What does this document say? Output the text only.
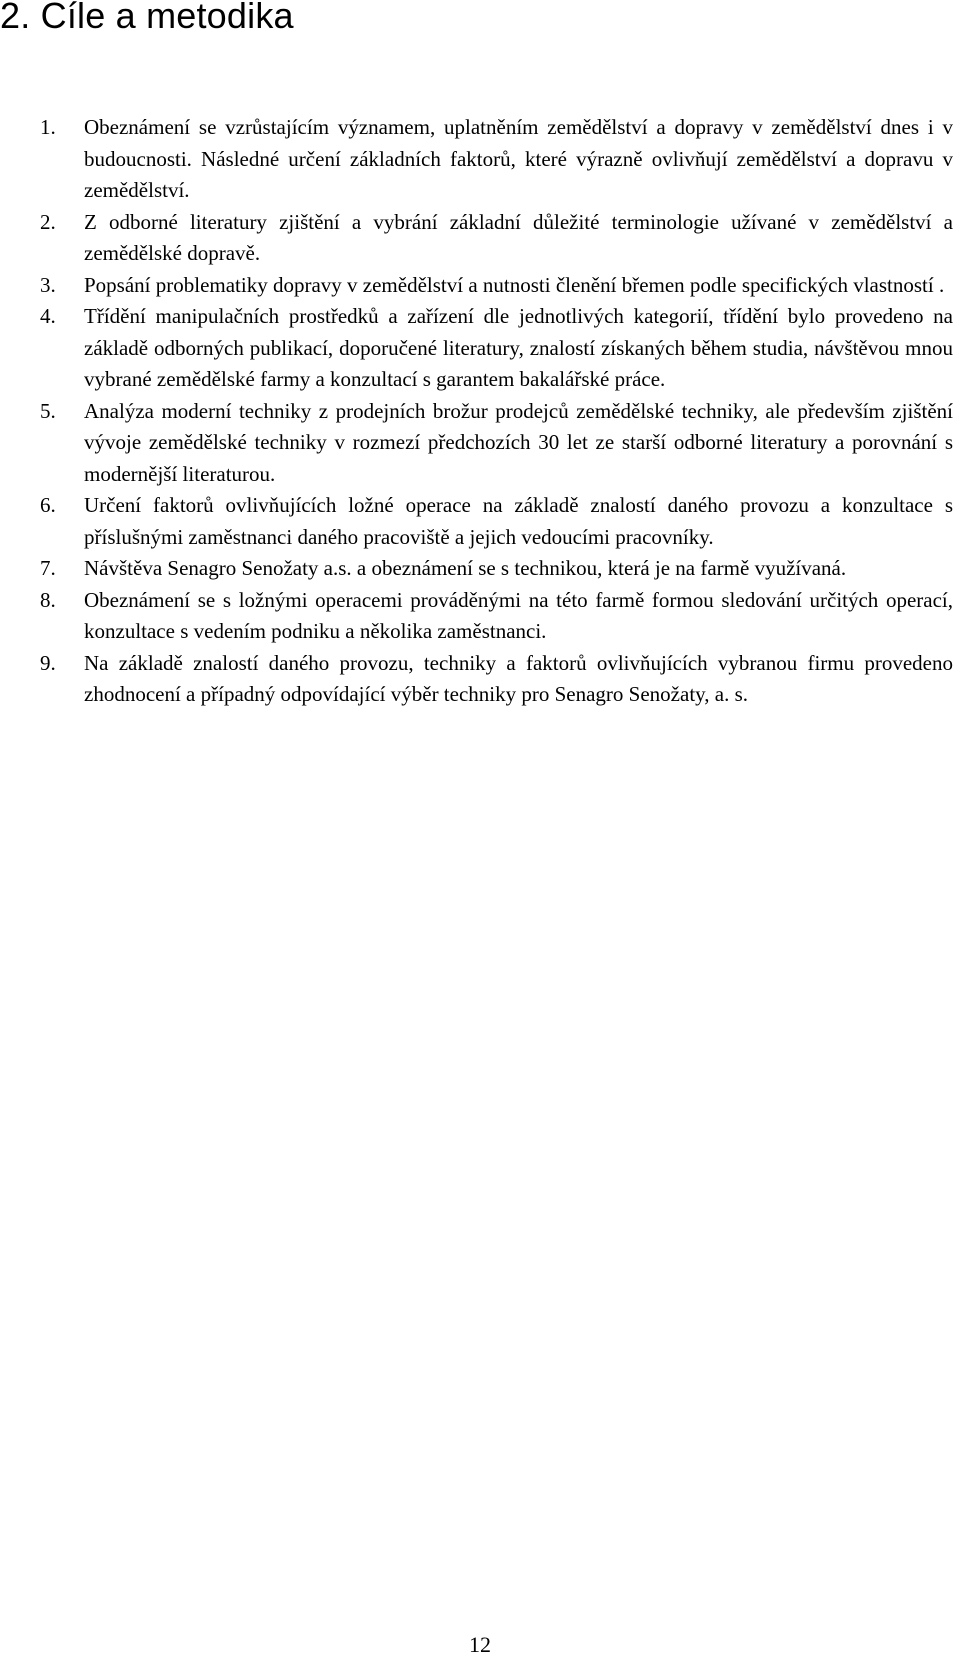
2. Cíle a metodika
1. Obeznámení se vzrůstajícím významem, uplatněním zemědělství a dopravy v zemědělství dnes i v budoucnosti. Následné určení základních faktorů, které výrazně ovlivňují zemědělství a dopravu v zemědělství.
2. Z odborné literatury zjištění a vybrání základní důležité terminologie užívané v zemědělství a zemědělské dopravě.
3. Popsání problematiky dopravy v zemědělství a nutnosti členění břemen podle specifických vlastností .
4. Třídění manipulačních prostředků a zařízení dle jednotlivých kategorií, třídění bylo provedeno na základě odborných publikací, doporučené literatury, znalostí získaných během studia, návštěvou mnou vybrané zemědělské farmy a konzultací s garantem bakalářské práce.
5. Analýza moderní techniky z prodejních brožur prodejců zemědělské techniky, ale především zjištění vývoje zemědělské techniky v rozmezí předchozích 30 let ze starší odborné literatury a porovnání s modernější literaturou.
6. Určení faktorů ovlivňujících ložné operace na základě znalostí daného provozu a konzultace s příslušnými zaměstnanci daného pracoviště a jejich vedoucími pracovníky.
7. Návštěva Senagro Senožaty a.s. a obeznámení se s technikou, která je na farmě využívaná.
8. Obeznámení se s ložnými operacemi prováděnými na této farmě formou sledování určitých operací, konzultace s vedením podniku a několika zaměstnanci.
9. Na základě znalostí daného provozu, techniky a faktorů ovlivňujících vybranou firmu provedeno zhodnocení a případný odpovídající výběr techniky pro Senagro Senožaty, a. s.
12
